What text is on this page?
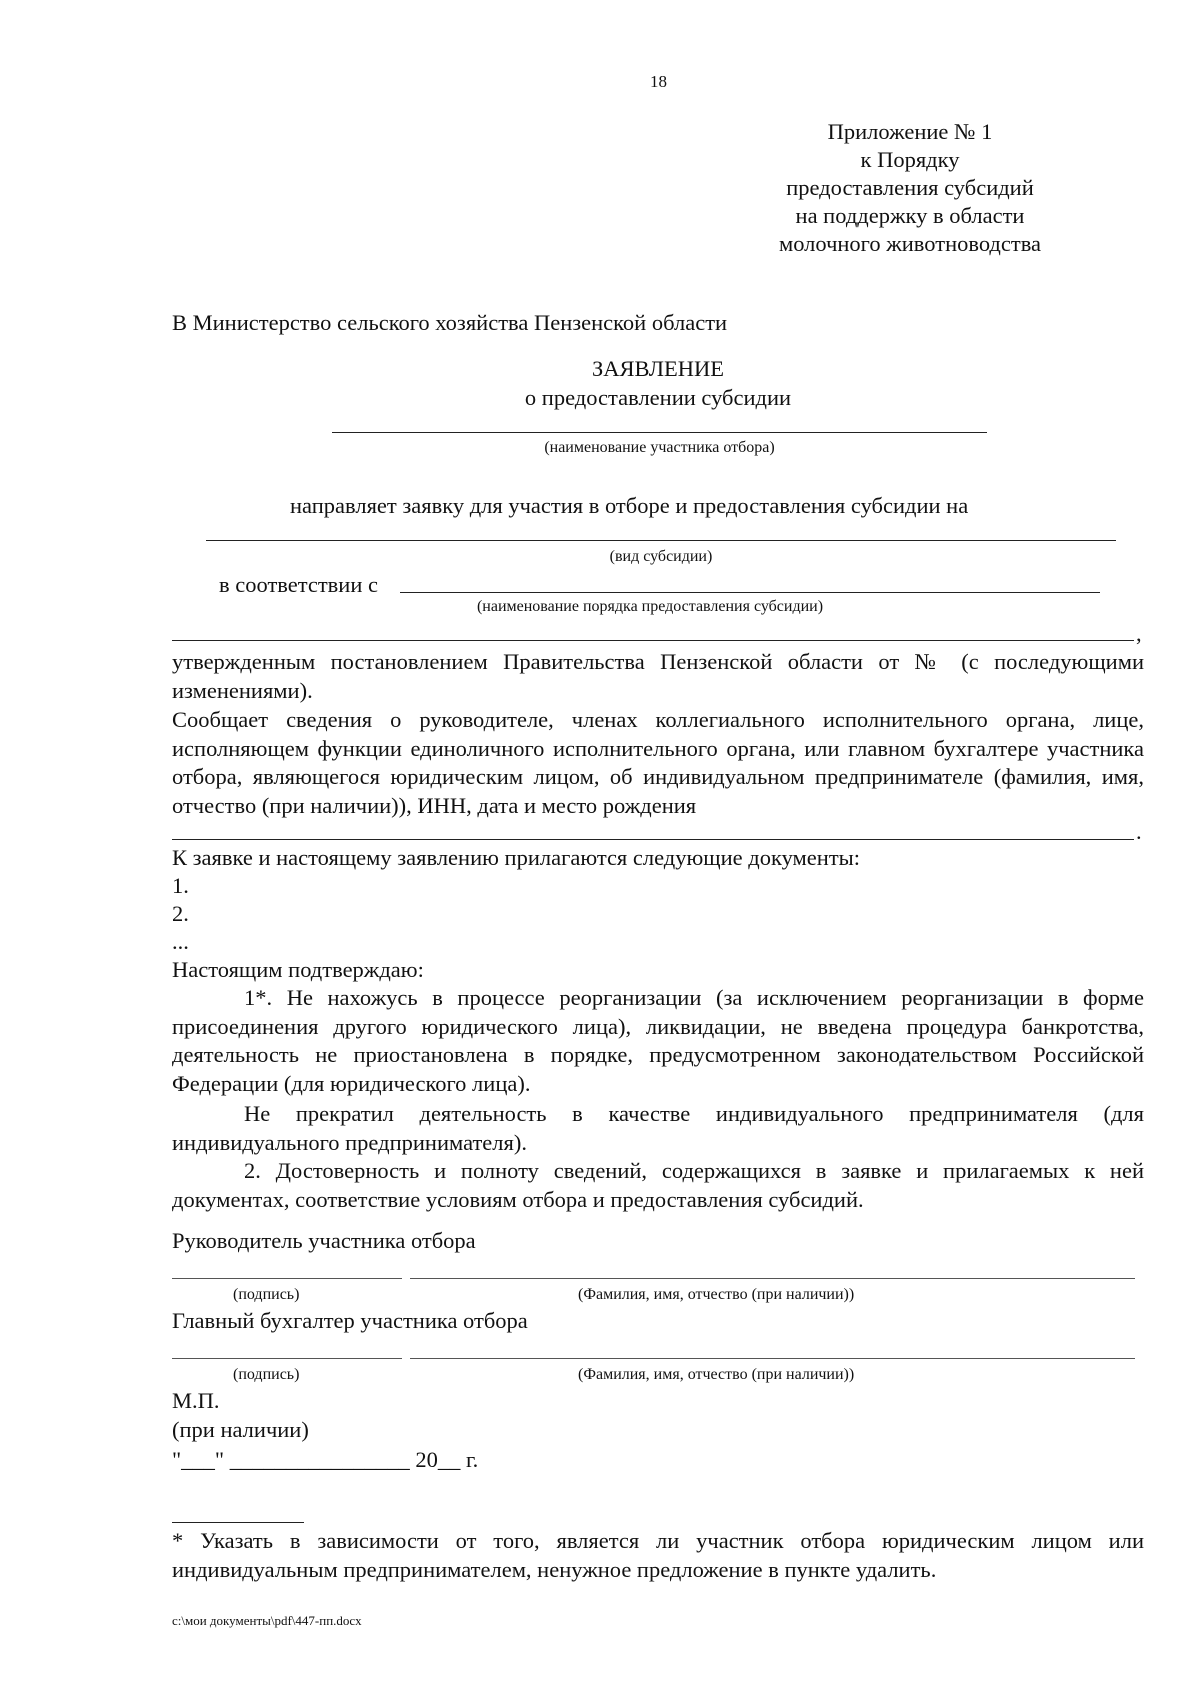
18
Приложение № 1
к Порядку
предоставления субсидий
на поддержку в области
молочного животноводства
В Министерство сельского хозяйства Пензенской области
ЗАЯВЛЕНИЕ
о предоставлении субсидии
(наименование участника отбора)
направляет заявку для участия в отборе и предоставления субсидии на
(вид субсидии)
в соответствии с
(наименование порядка предоставления субсидии)
,
утвержденным постановлением Правительства Пензенской области от № (с последующими изменениями).
Сообщает сведения о руководителе, членах коллегиального исполнительного органа, лице, исполняющем функции единоличного исполнительного органа, или главном бухгалтере участника отбора, являющегося юридическим лицом, об индивидуальном предпринимателе (фамилия, имя, отчество (при наличии)), ИНН, дата и место рождения
.
К заявке и настоящему заявлению прилагаются следующие документы:
1.
2.
...
Настоящим подтверждаю:
1*. Не нахожусь в процессе реорганизации (за исключением реорганизации в форме присоединения другого юридического лица), ликвидации, не введена процедура банкротства, деятельность не приостановлена в порядке, предусмотренном законодательством Российской Федерации (для юридического лица).
Не прекратил деятельность в качестве индивидуального предпринимателя (для индивидуального предпринимателя).
2. Достоверность и полноту сведений, содержащихся в заявке и прилагаемых к ней документах, соответствие условиям отбора и предоставления субсидий.
Руководитель участника отбора
(подпись)	(Фамилия, имя, отчество (при наличии))
Главный бухгалтер участника отбора
(подпись)	(Фамилия, имя, отчество (при наличии))
М.П.
(при наличии)
"___" ________________ 20__ г.
* Указать в зависимости от того, является ли участник отбора юридическим лицом или индивидуальным предпринимателем, ненужное предложение в пункте удалить.
c:\мои документы\pdf\447-пп.docx
